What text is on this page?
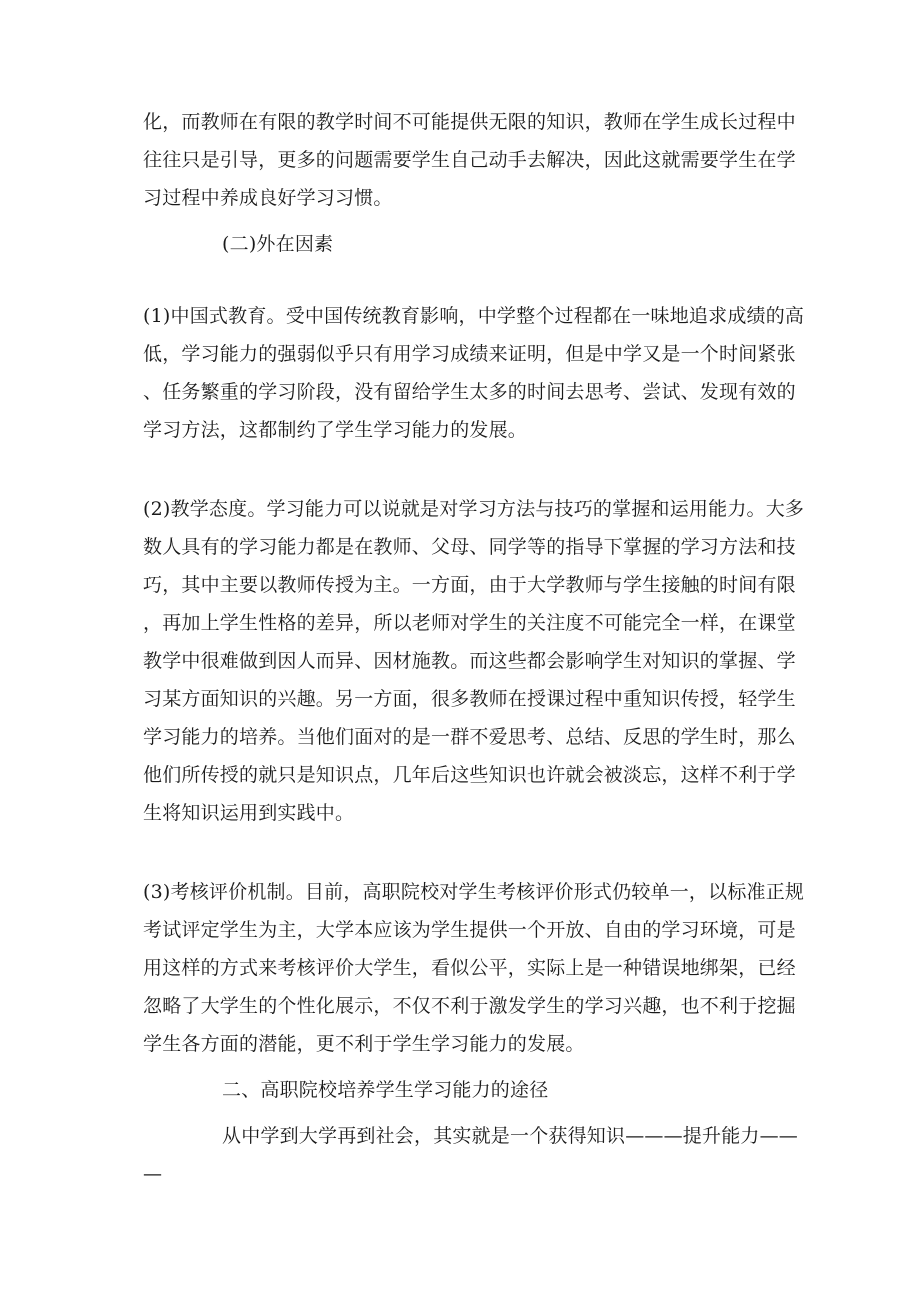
化，而教师在有限的教学时间不可能提供无限的知识，教师在学生成长过程中
往往只是引导，更多的问题需要学生自己动手去解决，因此这就需要学生在学
习过程中养成良好学习习惯。
(二)外在因素
(1)中国式教育。受中国传统教育影响，中学整个过程都在一味地追求成绩的高
低，学习能力的强弱似乎只有用学习成绩来证明，但是中学又是一个时间紧张
、任务繁重的学习阶段，没有留给学生太多的时间去思考、尝试、发现有效的
学习方法，这都制约了学生学习能力的发展。
(2)教学态度。学习能力可以说就是对学习方法与技巧的掌握和运用能力。大多
数人具有的学习能力都是在教师、父母、同学等的指导下掌握的学习方法和技
巧，其中主要以教师传授为主。一方面，由于大学教师与学生接触的时间有限
，再加上学生性格的差异，所以老师对学生的关注度不可能完全一样，在课堂
教学中很难做到因人而异、因材施教。而这些都会影响学生对知识的掌握、学
习某方面知识的兴趣。另一方面，很多教师在授课过程中重知识传授，轻学生
学习能力的培养。当他们面对的是一群不爱思考、总结、反思的学生时，那么
他们所传授的就只是知识点，几年后这些知识也许就会被淡忘，这样不利于学
生将知识运用到实践中。
(3)考核评价机制。目前，高职院校对学生考核评价形式仍较单一，以标准正规
考试评定学生为主，大学本应该为学生提供一个开放、自由的学习环境，可是
用这样的方式来考核评价大学生，看似公平，实际上是一种错误地绑架，已经
忽略了大学生的个性化展示，不仅不利于激发学生的学习兴趣，也不利于挖掘
学生各方面的潜能，更不利于学生学习能力的发展。
二、高职院校培养学生学习能力的途径
从中学到大学再到社会，其实就是一个获得知识———提升能力——
—
